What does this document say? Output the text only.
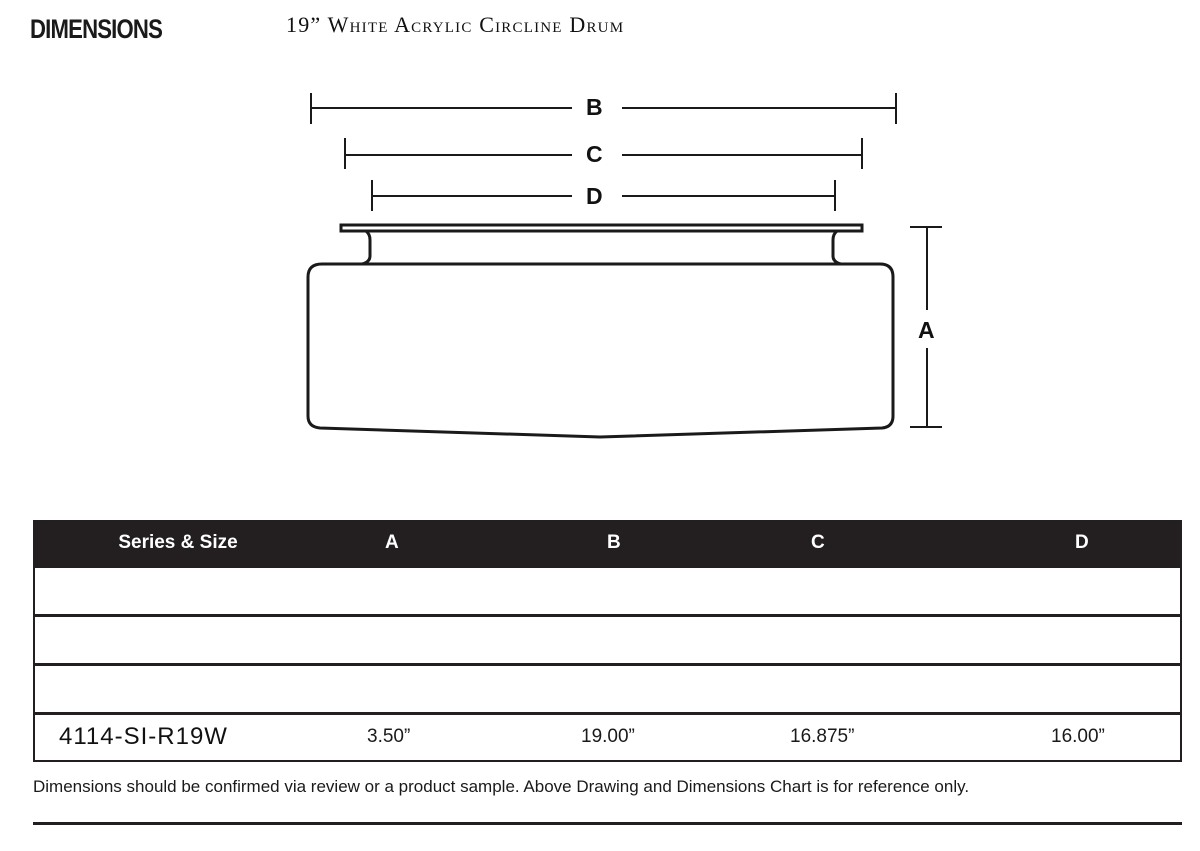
DIMENSIONS	19” White Acrylic Circline Drum
B
C
D
A
Series & Size	A	B	C	D

4114-SI-R19W	3.50”	19.00”	16.875”	16.00”
Dimensions should be confirmed via review or a product sample. Above Drawing and Dimensions Chart is for reference only.
